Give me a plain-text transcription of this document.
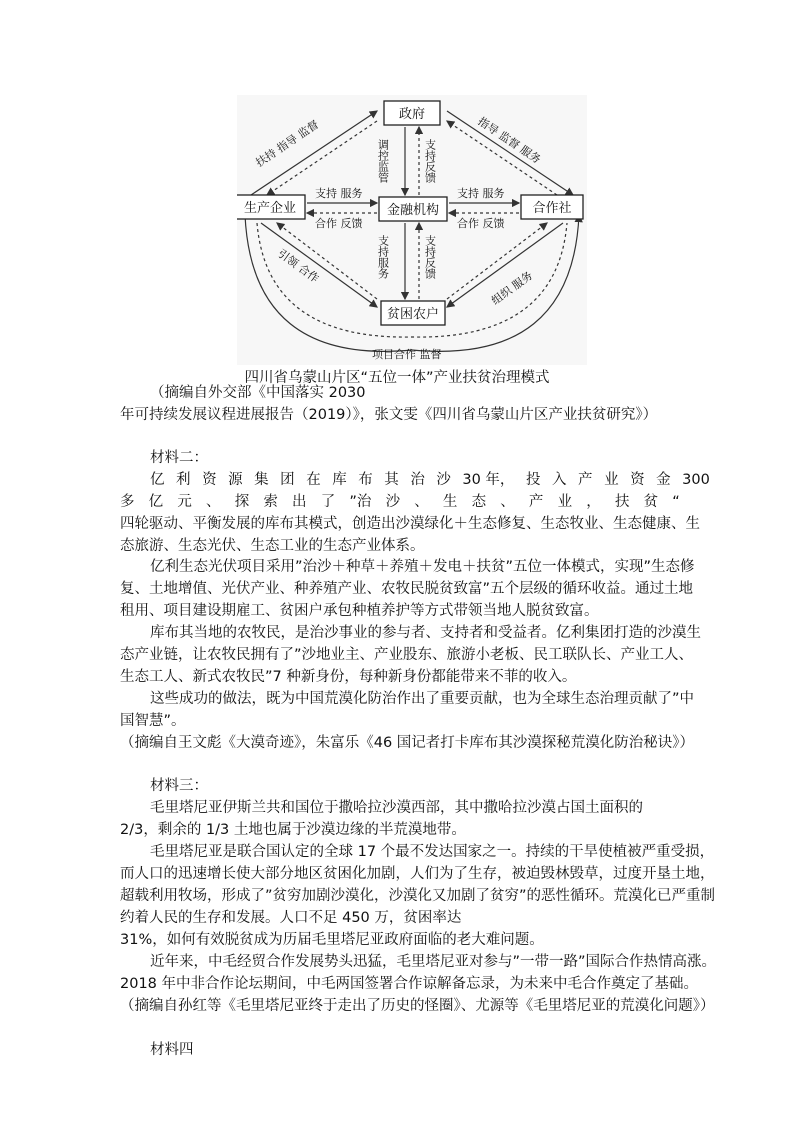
政府
生产企业	金融机构	合作社
贫困农户
扶持 指导 监督	指导 监督 服务
支持 服务
合作 反馈
支持 服务
合作 反馈
引领 合作
组织 服务
项目合作 监督
调控监管	支持反馈
支持服务	支持反馈
四川省乌蒙山片区“五位一体”产业扶贫治理模式
（摘编自外交部《中国落实 2030
年可持续发展议程进展报告（2019）》，张文雯《四川省乌蒙山片区产业扶贫研究》）
材料二：
亿 利 资 源 集 团 在 库 布 其 治 沙 30 年， 投 入 产 业 资 金 300
多 亿 元 、 探 索 出 了 ”治 沙 、 生 态 、 产 业 ， 扶 贫 “
四轮驱动、平衡发展的库布其模式，创造出沙漠绿化＋生态修复、生态牧业、生态健康、生
态旅游、生态光伏、生态工业的生态产业体系。
亿利生态光伏项目采用”治沙＋种草＋养殖＋发电＋扶贫”五位一体模式，实现”生态修
复、土地增值、光伏产业、种养殖产业、农牧民脱贫致富”五个层级的循环收益。通过土地
租用、项目建设期雇工、贫困户承包种植养护等方式带领当地人脱贫致富。
库布其当地的农牧民，是治沙事业的参与者、支持者和受益者。亿利集团打造的沙漠生
态产业链，让农牧民拥有了”沙地业主、产业股东、旅游小老板、民工联队长、产业工人、
生态工人、新式农牧民”7 种新身份，每种新身份都能带来不菲的收入。
这些成功的做法，既为中国荒漠化防治作出了重要贡献，也为全球生态治理贡献了”中
国智慧”。
（摘编自王文彪《大漠奇迹》，朱富乐《46 国记者打卡库布其沙漠探秘荒漠化防治秘诀》）
材料三：
毛里塔尼亚伊斯兰共和国位于撒哈拉沙漠西部，其中撒哈拉沙漠占国土面积的
2/3，剩余的 1/3 土地也属于沙漠边缘的半荒漠地带。
毛里塔尼亚是联合国认定的全球 17 个最不发达国家之一。持续的干旱使植被严重受损，
而人口的迅速增长使大部分地区贫困化加剧，人们为了生存，被迫毁林毁草，过度开垦土地，
超载利用牧场，形成了”贫穷加剧沙漠化，沙漠化又加剧了贫穷”的恶性循环。荒漠化已严重制
约着人民的生存和发展。人口不足 450 万，贫困率达
31%，如何有效脱贫成为历届毛里塔尼亚政府面临的老大难问题。
近年来，中毛经贸合作发展势头迅猛，毛里塔尼亚对参与”一带一路”国际合作热情高涨。
2018 年中非合作论坛期间，中毛两国签署合作谅解备忘录，为未来中毛合作奠定了基础。
（摘编自孙红等《毛里塔尼亚终于走出了历史的怪圈》、尤源等《毛里塔尼亚的荒漠化问题》）
材料四
